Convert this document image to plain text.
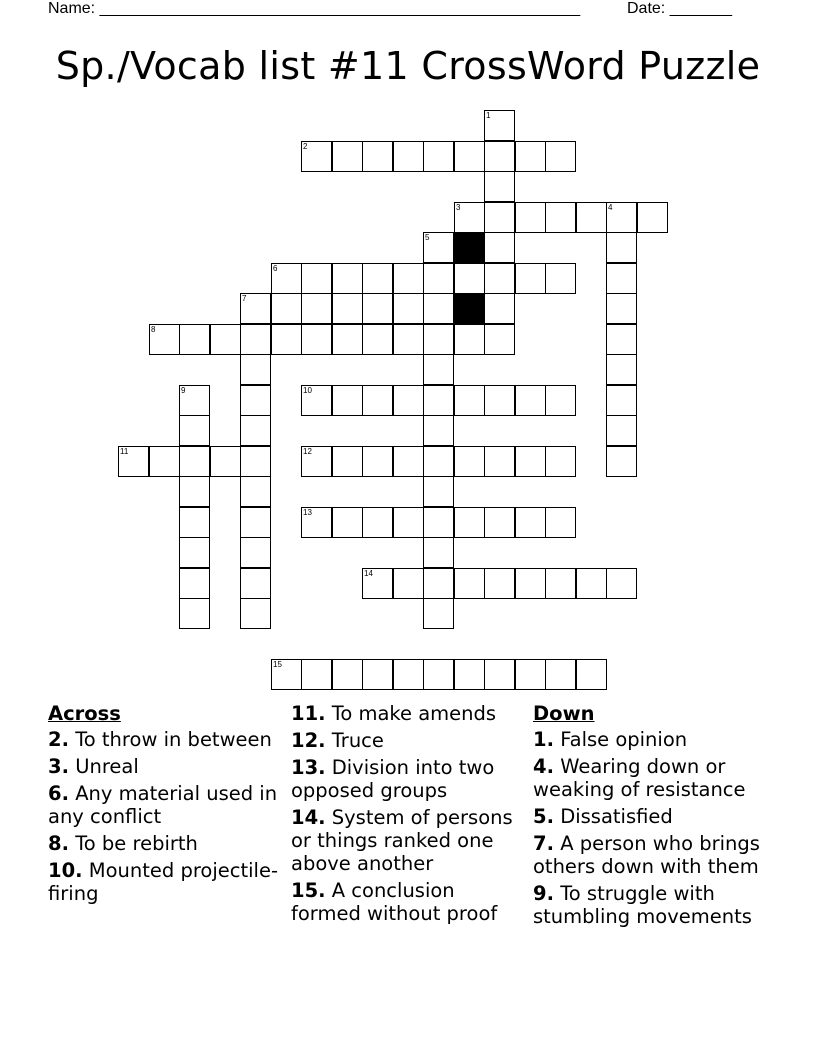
Name: ______________________________________________________	Date: _______
Sp./Vocab list #11 CrossWord Puzzle
1
2
3	4
5
6
7
8
9	10
11	12
13
14
15
Across
2. To throw in between
3. Unreal
6. Any material used in any conflict
8. To be rebirth
10. Mounted projectile-firing
11. To make amends
12. Truce
13. Division into two opposed groups
14. System of persons or things ranked one above another
15. A conclusion formed without proof
Down
1. False opinion
4. Wearing down or weaking of resistance
5. Dissatisfied
7. A person who brings others down with them
9. To struggle with stumbling movements
